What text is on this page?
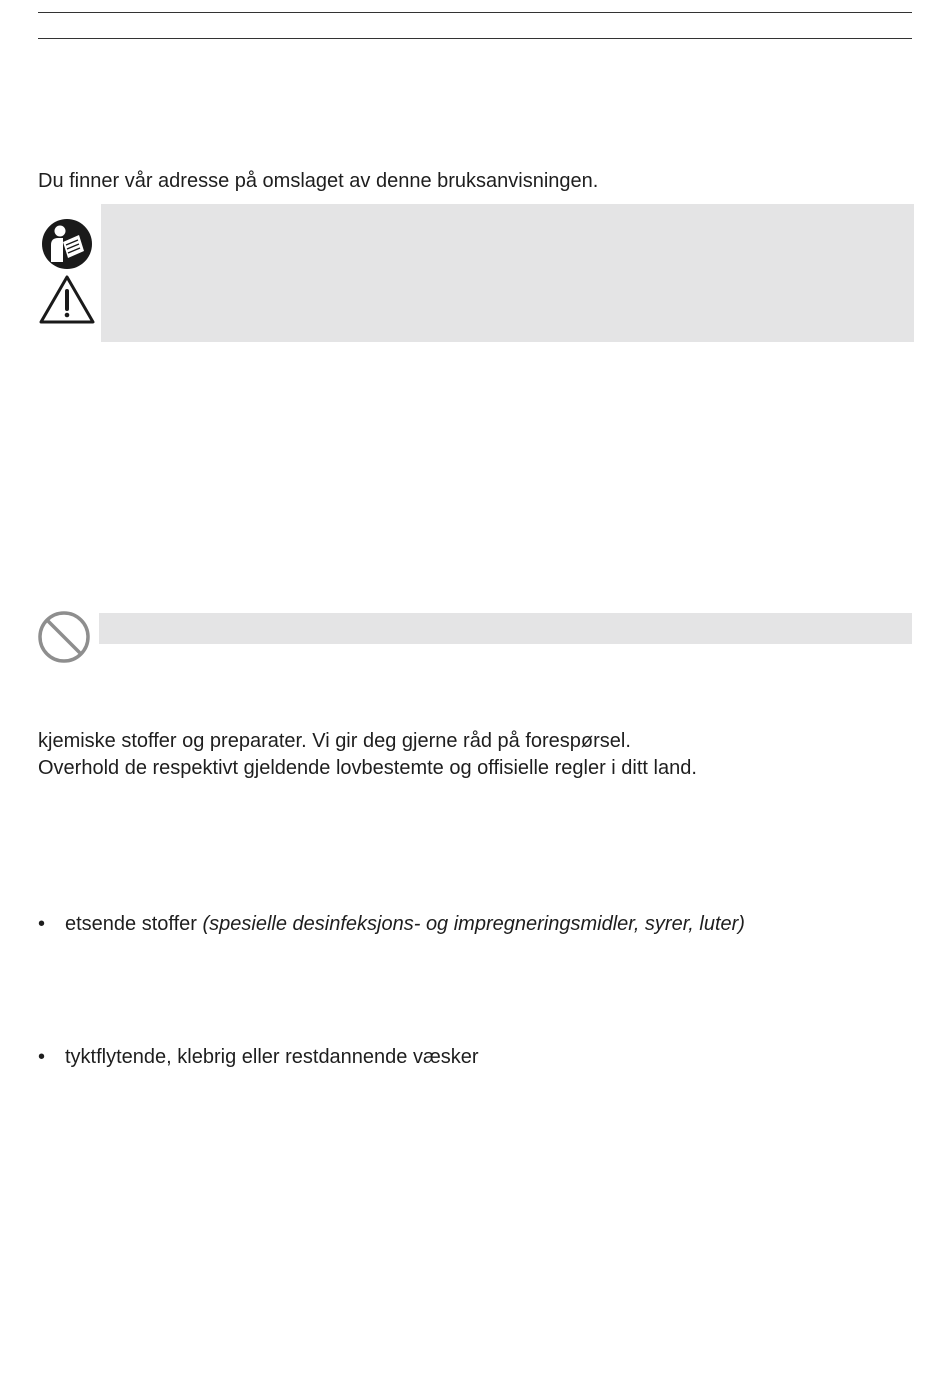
Du finner vår adresse på omslaget av denne bruksanvisningen.
kjemiske stoffer og preparater. Vi gir deg gjerne råd på forespørsel.
Overhold de respektivt gjeldende lovbestemte og offisielle regler i ditt land.
• etsende stoffer (spesielle desinfeksjons- og impregneringsmidler, syrer, luter)
• tyktflytende, klebrig eller restdannende væsker
